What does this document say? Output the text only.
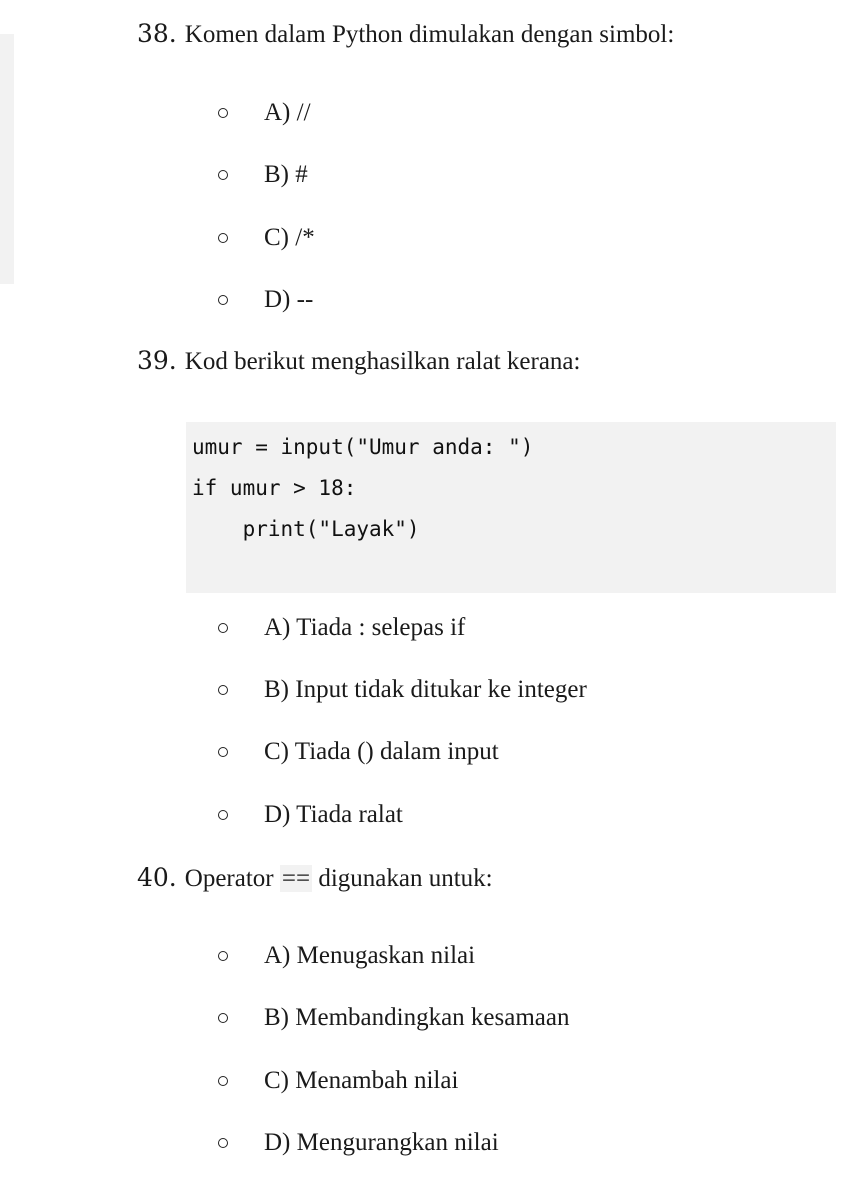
38. Komen dalam Python dimulakan dengan simbol:
A) //
B) #
C) /*
D) --
39. Kod berikut menghasilkan ralat kerana:
umur = input("Umur anda: ")
if umur > 18:
print("Layak")
A) Tiada : selepas if
B) Input tidak ditukar ke integer
C) Tiada () dalam input
D) Tiada ralat
40. Operator == digunakan untuk:
A) Menugaskan nilai
B) Membandingkan kesamaan
C) Menambah nilai
D) Mengurangkan nilai
